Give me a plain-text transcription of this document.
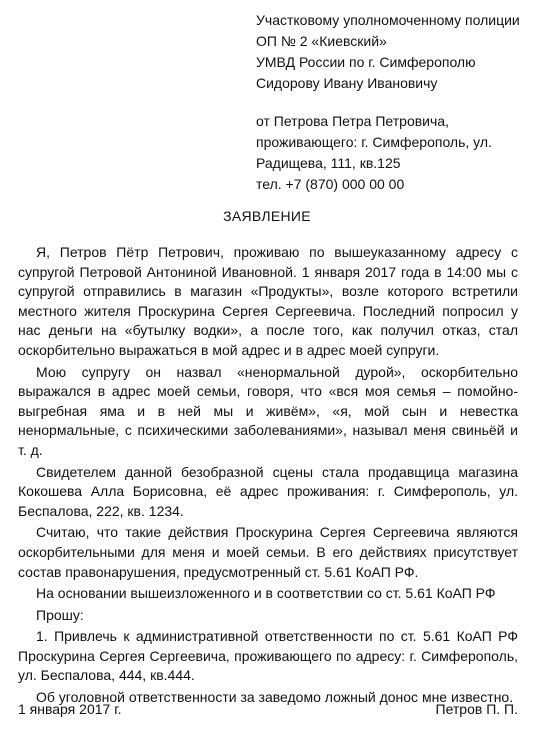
Участковому уполномоченному полиции
ОП № 2 «Киевский»
УМВД России по г. Симферополю
Сидорову Ивану Ивановичу
от Петрова Петра Петровича,
проживающего: г. Симферополь, ул.
Радищева, 111, кв.125
тел. +7 (870) 000 00 00
ЗАЯВЛЕНИЕ

Я, Петров Пётр Петрович, проживаю по вышеуказанному адресу с супругой Петровой Антониной Ивановной. 1 января 2017 года в 14:00 мы с супругой отправились в магазин «Продукты», возле которого встретили местного жителя Проскурина Сергея Сергеевича. Последний попросил у нас деньги на «бутылку водки», а после того, как получил отказ, стал оскорбительно выражаться в мой адрес и в адрес моей супруги.

Мою супругу он назвал «ненормальной дурой», оскорбительно выражался в адрес моей семьи, говоря, что «вся моя семья – помойно-выгребная яма и в ней мы и живём», «я, мой сын и невестка ненормальные, с психическими заболеваниями», называл меня свиньёй и т. д.

Свидетелем данной безобразной сцены стала продавщица магазина Кокошева Алла Борисовна, её адрес проживания: г. Симферополь, ул. Беспалова, 222, кв. 1234.

Считаю, что такие действия Проскурина Сергея Сергеевича являются оскорбительными для меня и моей семьи. В его действиях присутствует состав правонарушения, предусмотренный ст. 5.61 КоАП РФ.

На основании вышеизложенного и в соответствии со ст. 5.61 КоАП РФ

Прошу:

1. Привлечь к административной ответственности по ст. 5.61 КоАП РФ Проскурина Сергея Сергеевича, проживающего по адресу: г. Симферополь, ул. Беспалова, 444, кв.444.

Об уголовной ответственности за заведомо ложный донос мне известно.

1 января 2017 г.	Петров П. П.
